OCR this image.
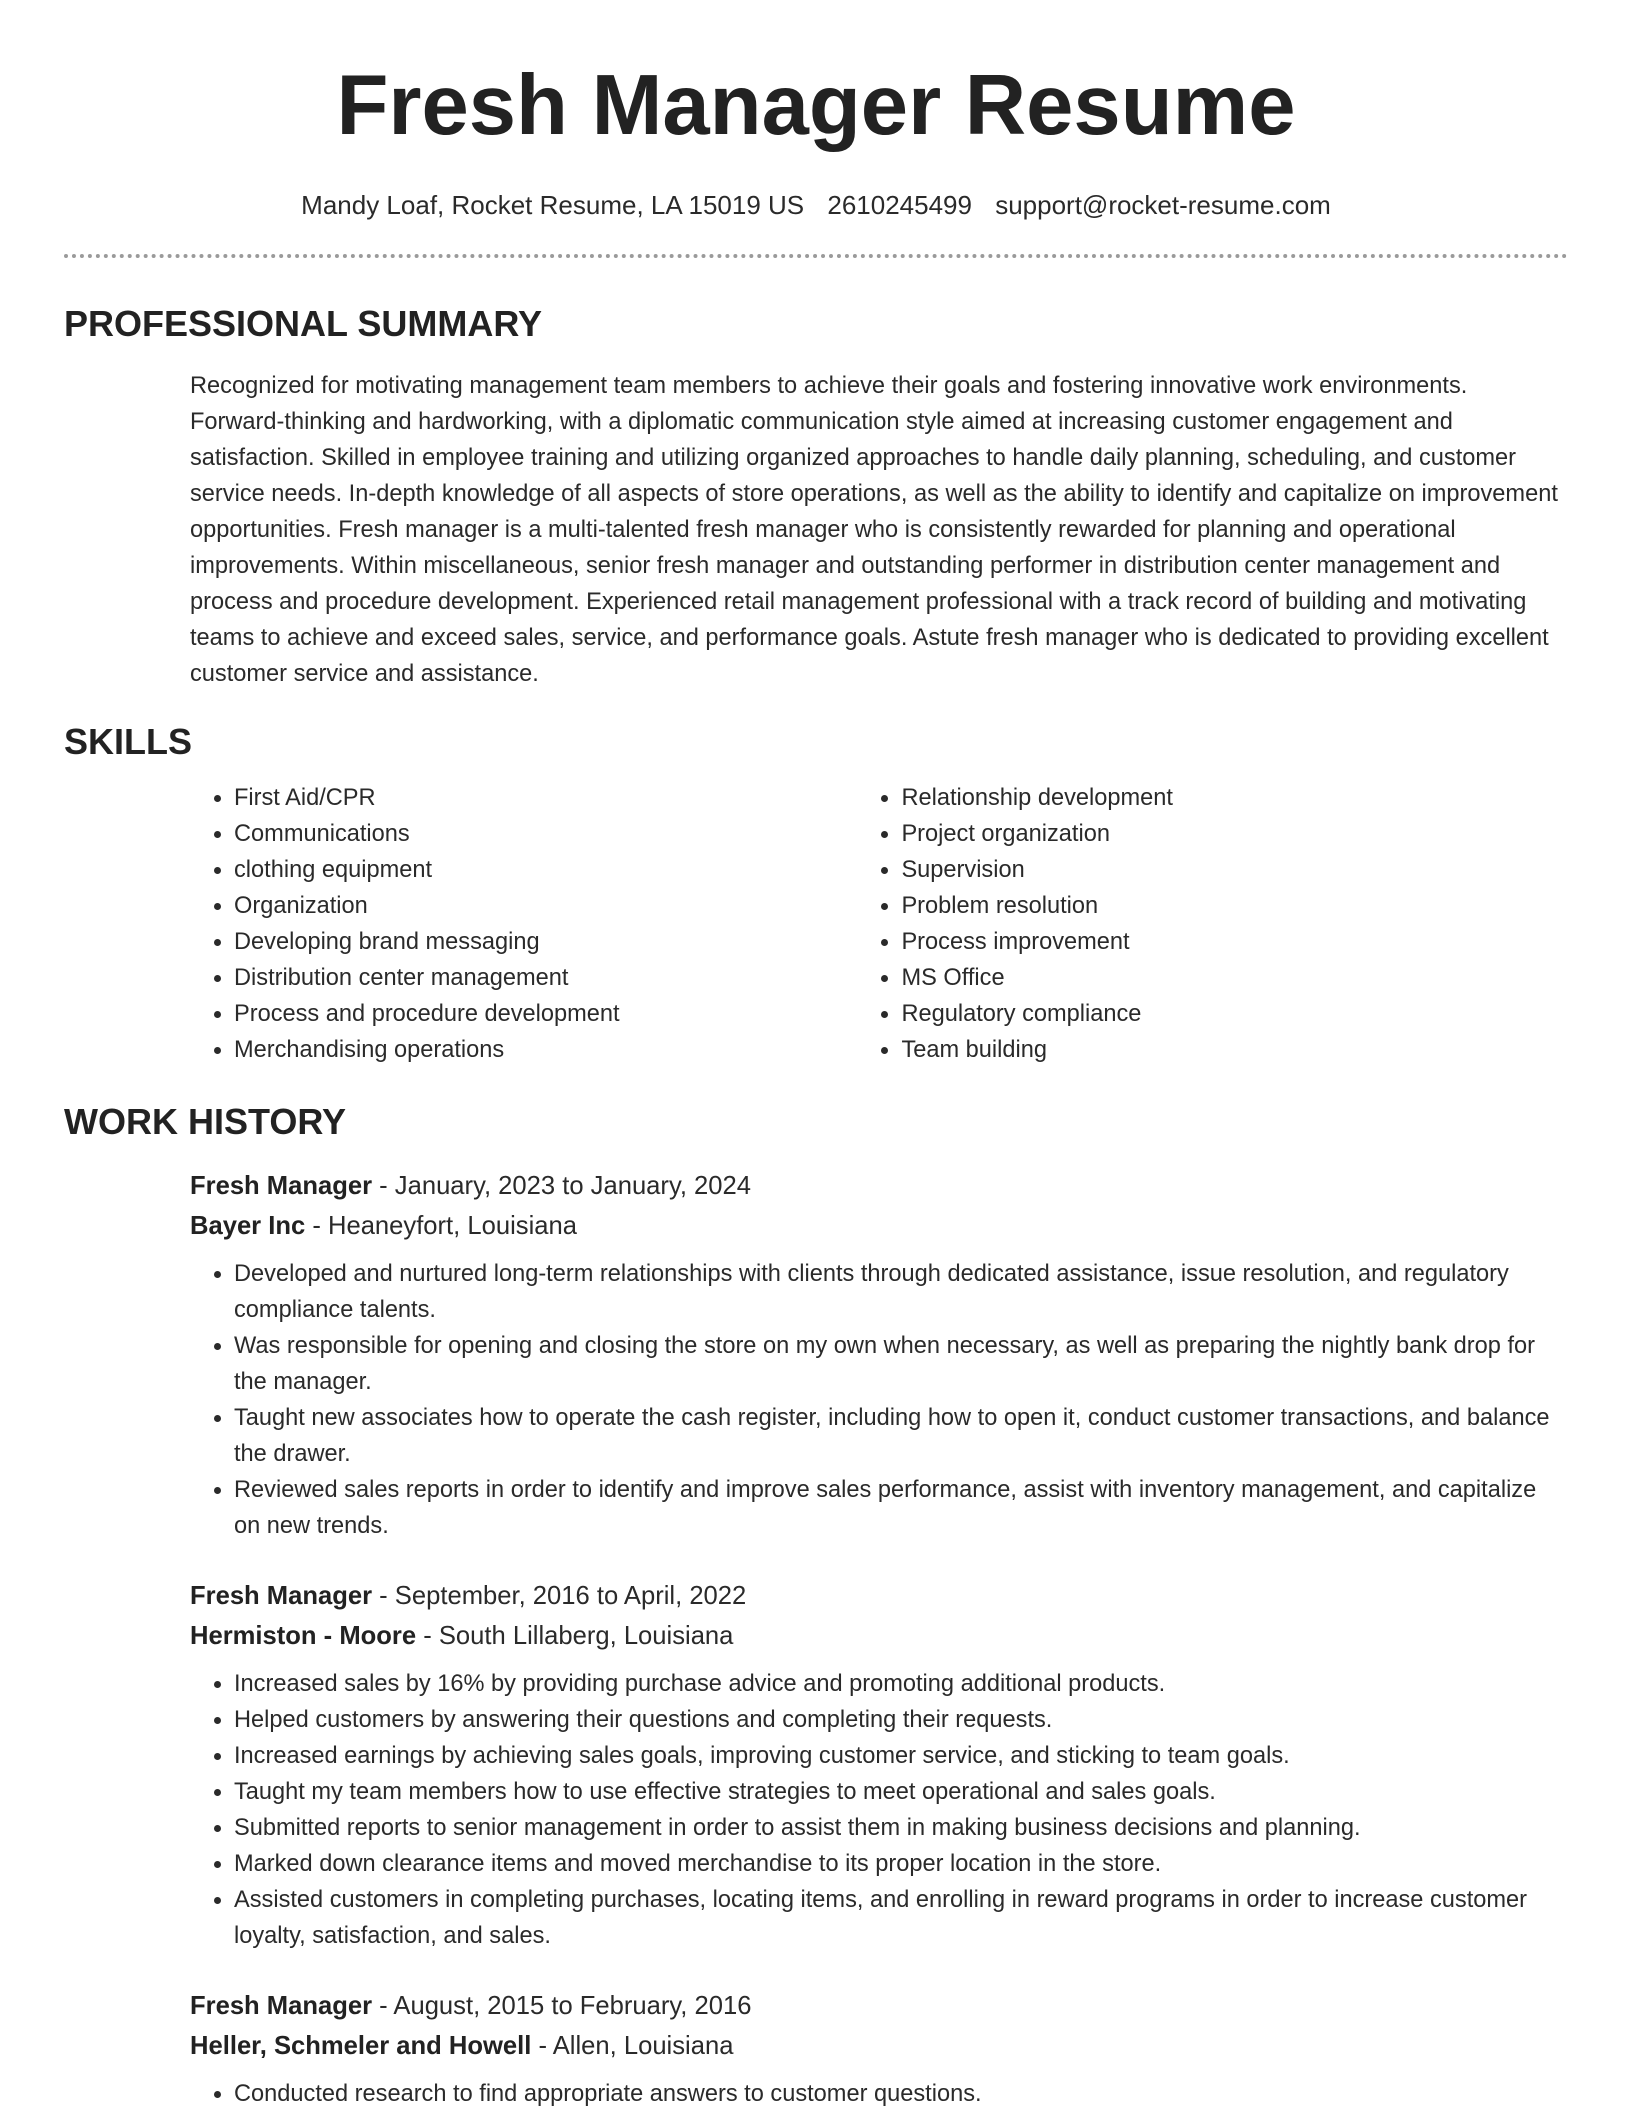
Fresh Manager Resume
Mandy Loaf, Rocket Resume, LA 15019 US 2610245499 support@rocket-resume.com
PROFESSIONAL SUMMARY
Recognized for motivating management team members to achieve their goals and fostering innovative work environments. Forward-thinking and hardworking, with a diplomatic communication style aimed at increasing customer engagement and satisfaction. Skilled in employee training and utilizing organized approaches to handle daily planning, scheduling, and customer service needs. In-depth knowledge of all aspects of store operations, as well as the ability to identify and capitalize on improvement opportunities. Fresh manager is a multi-talented fresh manager who is consistently rewarded for planning and operational improvements. Within miscellaneous, senior fresh manager and outstanding performer in distribution center management and process and procedure development. Experienced retail management professional with a track record of building and motivating teams to achieve and exceed sales, service, and performance goals. Astute fresh manager who is dedicated to providing excellent customer service and assistance.
SKILLS
• First Aid/CPR
• Communications
• clothing equipment
• Organization
• Developing brand messaging
• Distribution center management
• Process and procedure development
• Merchandising operations
• Relationship development
• Project organization
• Supervision
• Problem resolution
• Process improvement
• MS Office
• Regulatory compliance
• Team building
WORK HISTORY
Fresh Manager - January, 2023 to January, 2024
Bayer Inc - Heaneyfort, Louisiana
• Developed and nurtured long-term relationships with clients through dedicated assistance, issue resolution, and regulatory compliance talents.
• Was responsible for opening and closing the store on my own when necessary, as well as preparing the nightly bank drop for the manager.
• Taught new associates how to operate the cash register, including how to open it, conduct customer transactions, and balance the drawer.
• Reviewed sales reports in order to identify and improve sales performance, assist with inventory management, and capitalize on new trends.
Fresh Manager - September, 2016 to April, 2022
Hermiston - Moore - South Lillaberg, Louisiana
• Increased sales by 16% by providing purchase advice and promoting additional products.
• Helped customers by answering their questions and completing their requests.
• Increased earnings by achieving sales goals, improving customer service, and sticking to team goals.
• Taught my team members how to use effective strategies to meet operational and sales goals.
• Submitted reports to senior management in order to assist them in making business decisions and planning.
• Marked down clearance items and moved merchandise to its proper location in the store.
• Assisted customers in completing purchases, locating items, and enrolling in reward programs in order to increase customer loyalty, satisfaction, and sales.
Fresh Manager - August, 2015 to February, 2016
Heller, Schmeler and Howell - Allen, Louisiana
• Conducted research to find appropriate answers to customer questions.
